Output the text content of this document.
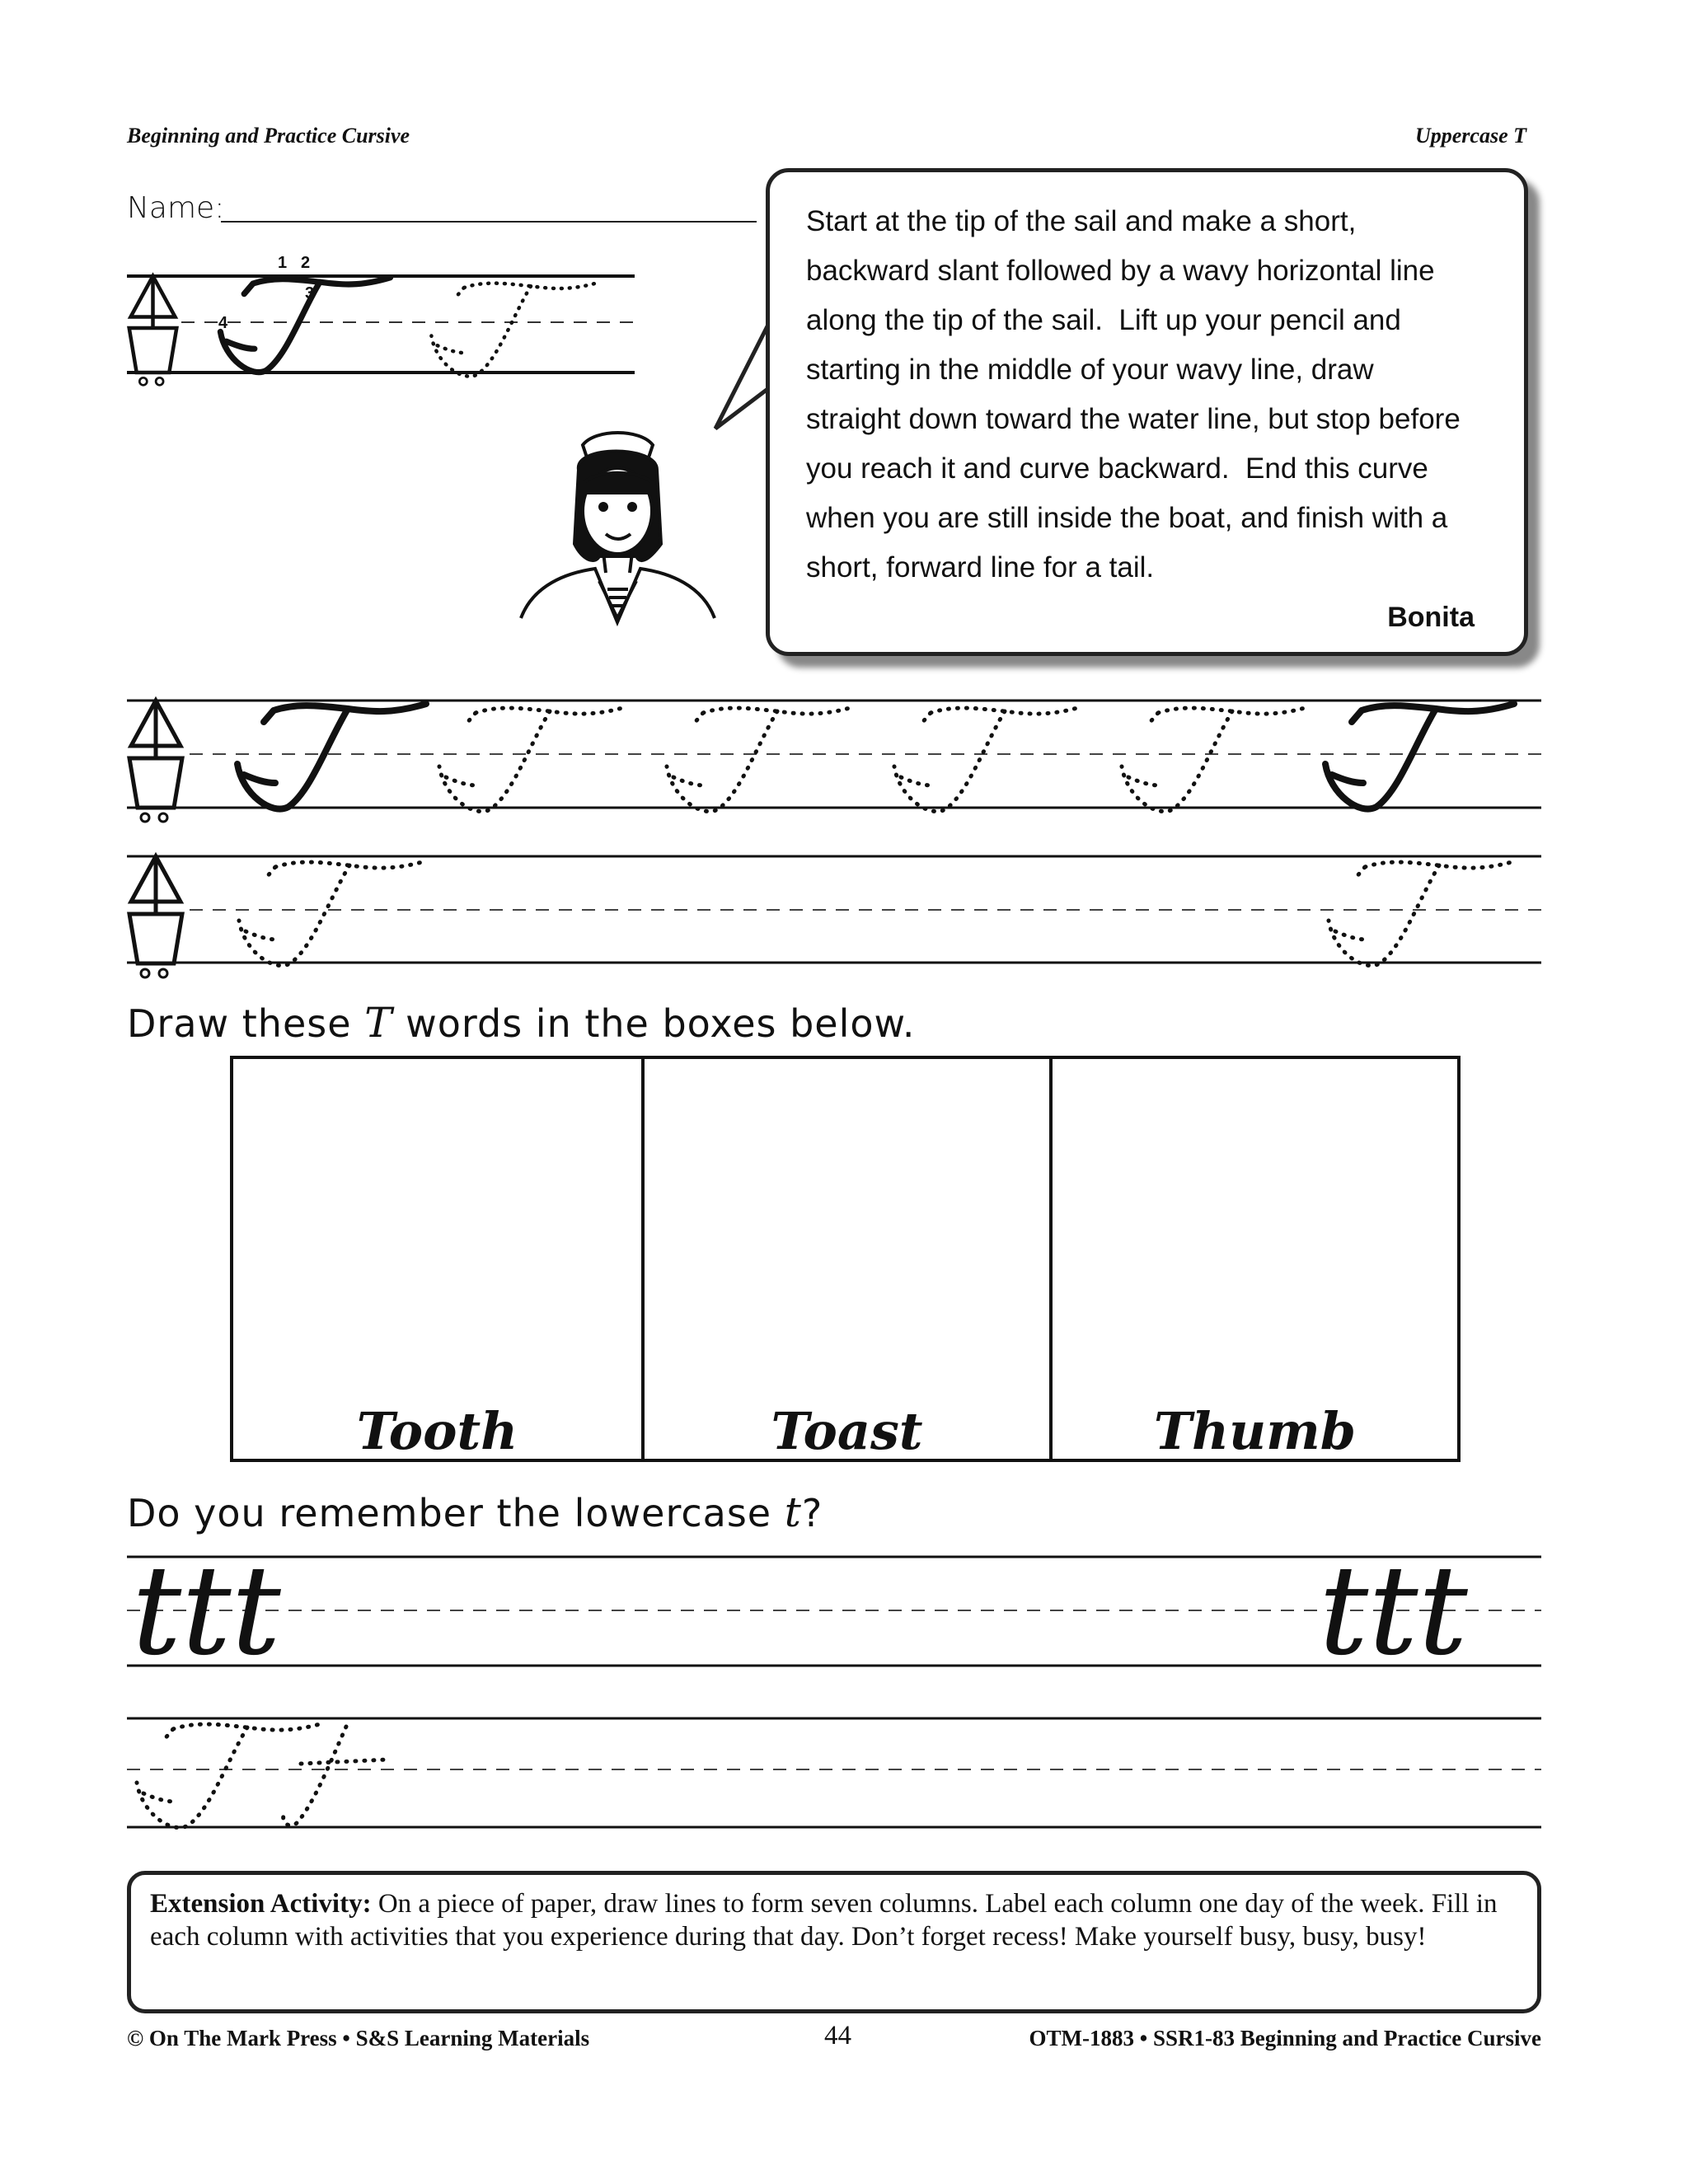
Beginning and Practice Cursive	Uppercase T
Name:	Start at the tip of the sail and make a short,
backward slant followed by a wavy horizontal line
along the tip of the sail.  Lift up your pencil and
starting in the middle of your wavy line, draw
straight down toward the water line, but stop before
you reach it and curve backward.  End this curve
when you are still inside the boat, and finish with a
short, forward line for a tail.
Bonita
1 2
3
4
Draw these T words in the boxes below.
Tooth	Toast	Thumb
Do you remember the lowercase t?
ttt	ttt
Extension Activity: On a piece of paper, draw lines to form seven columns. Label each column one day of the week. Fill in each column with activities that you experience during that day. Don’t forget recess! Make yourself busy, busy, busy!
© On The Mark Press • S&S Learning Materials	44	OTM-1883 • SSR1-83 Beginning and Practice Cursive
